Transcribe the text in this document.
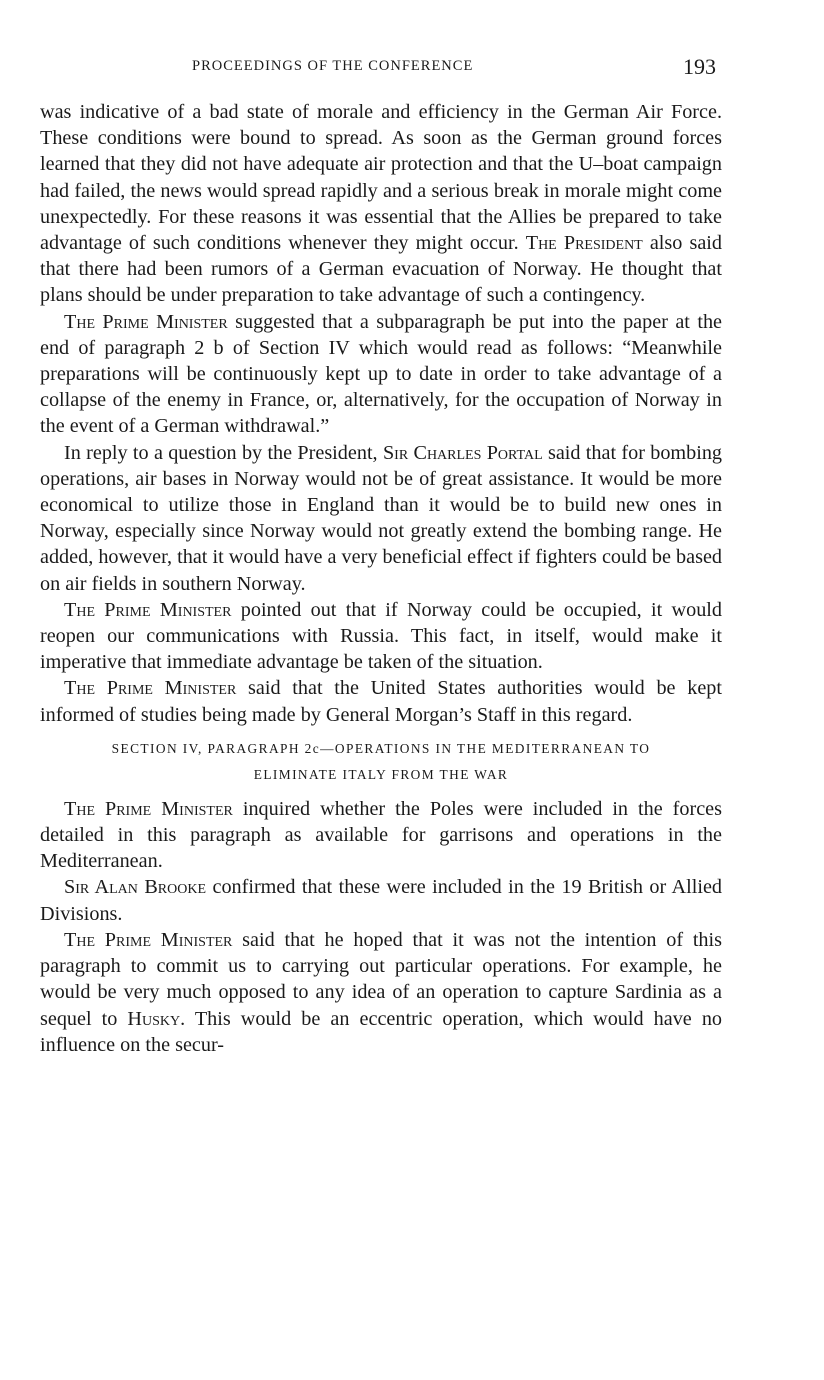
PROCEEDINGS OF THE CONFERENCE	193

was indicative of a bad state of morale and efficiency in the German Air Force. These conditions were bound to spread. As soon as the German ground forces learned that they did not have adequate air protection and that the U–boat campaign had failed, the news would spread rapidly and a serious break in morale might come unexpectedly. For these reasons it was essential that the Allies be prepared to take advantage of such conditions whenever they might occur. The President also said that there had been rumors of a German evacuation of Norway. He thought that plans should be under preparation to take advantage of such a contingency.

The Prime Minister suggested that a subparagraph be put into the paper at the end of paragraph 2 b of Section IV which would read as follows: “Meanwhile preparations will be continuously kept up to date in order to take advantage of a collapse of the enemy in France, or, alternatively, for the occupation of Norway in the event of a German withdrawal.”

In reply to a question by the President, Sir Charles Portal said that for bombing operations, air bases in Norway would not be of great assistance. It would be more economical to utilize those in England than it would be to build new ones in Norway, especially since Norway would not greatly extend the bombing range. He added, however, that it would have a very beneficial effect if fighters could be based on air fields in southern Norway.

The Prime Minister pointed out that if Norway could be occupied, it would reopen our communications with Russia. This fact, in itself, would make it imperative that immediate advantage be taken of the situation.

The Prime Minister said that the United States authorities would be kept informed of studies being made by General Morgan’s Staff in this regard.

SECTION IV, PARAGRAPH 2c—OPERATIONS IN THE MEDITERRANEAN TO
ELIMINATE ITALY FROM THE WAR

The Prime Minister inquired whether the Poles were included in the forces detailed in this paragraph as available for garrisons and operations in the Mediterranean.

Sir Alan Brooke confirmed that these were included in the 19 British or Allied Divisions.

The Prime Minister said that he hoped that it was not the intention of this paragraph to commit us to carrying out particular operations. For example, he would be very much opposed to any idea of an operation to capture Sardinia as a sequel to Husky. This would be an eccentric operation, which would have no influence on the secur-
